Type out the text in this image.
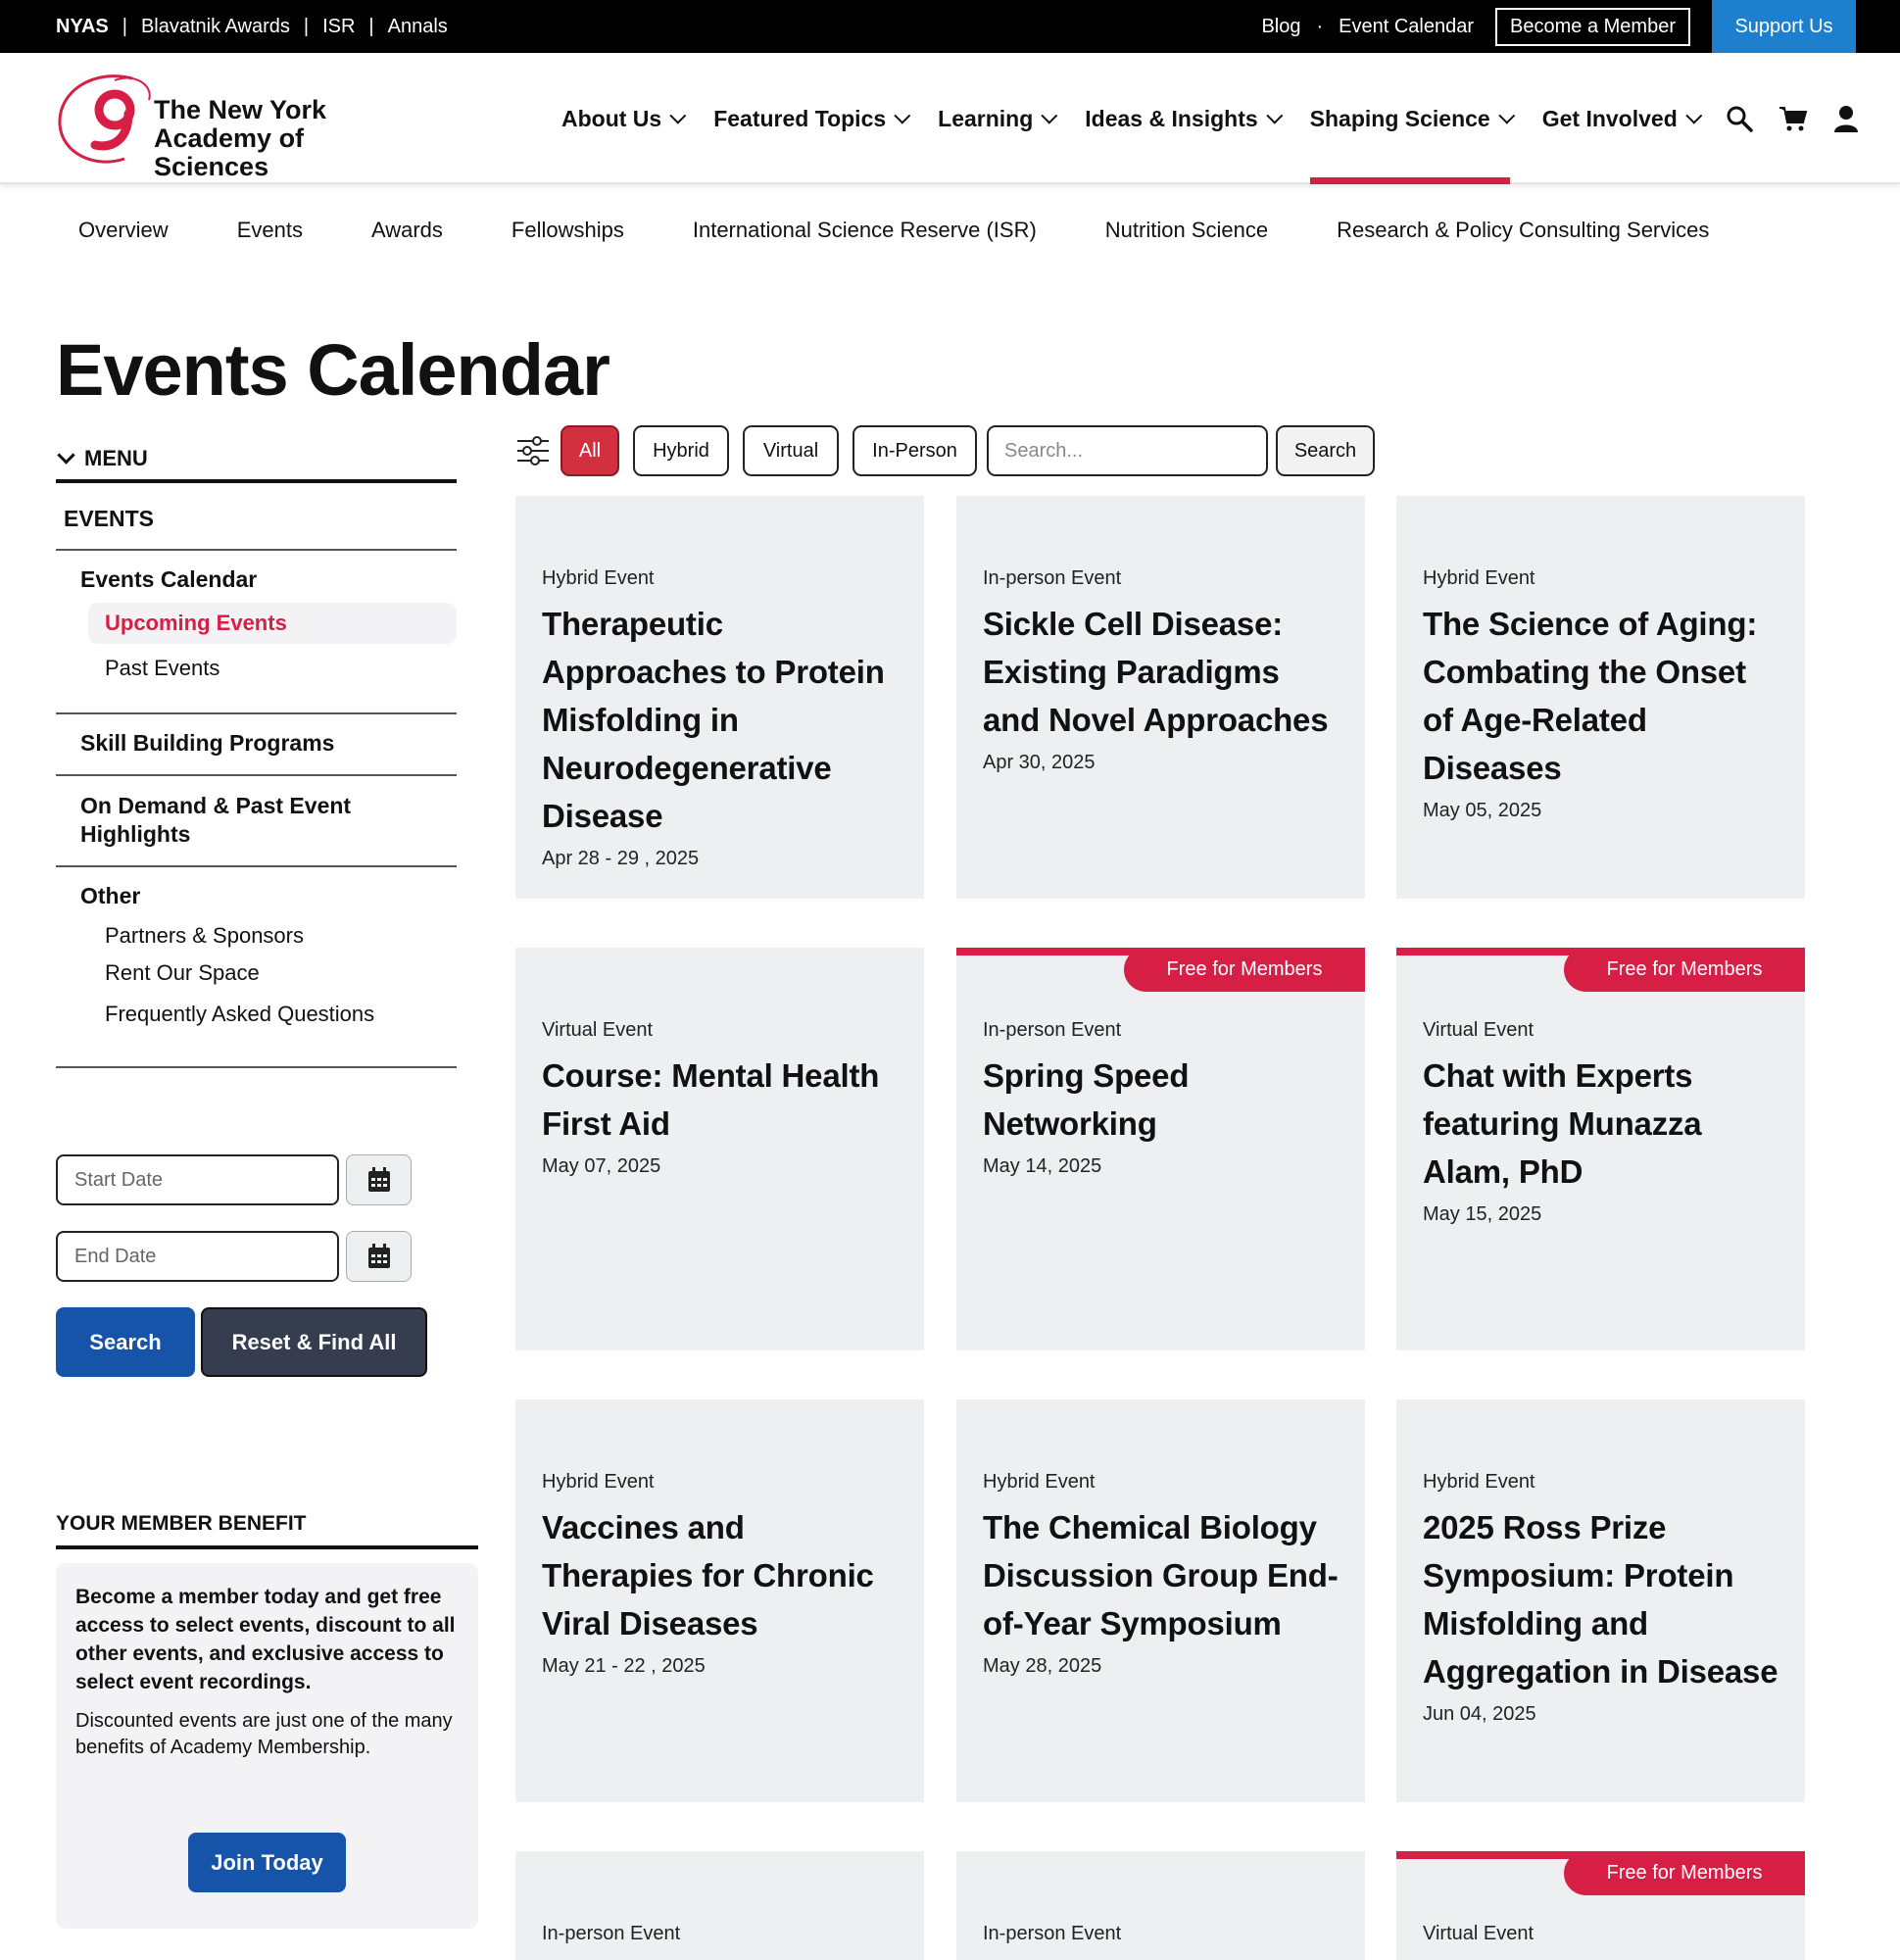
NYAS | Blavatnik Awards | ISR | Annals	Blog · Event Calendar	Become a Member	Support Us
The New York
Academy of Sciences
About Us Featured Topics Learning Ideas & Insights Shaping Science Get Involved
Overview	Events	Awards	Fellowships	International Science Reserve (ISR)	Nutrition Science	Research & Policy Consulting Services
Events Calendar
MENU
EVENTS
Events Calendar
Upcoming Events
Past Events
Skill Building Programs
On Demand & Past Event Highlights
Other
Partners & Sponsors
Rent Our Space
Frequently Asked Questions
Start Date
End Date
Search	Reset & Find All
YOUR MEMBER BENEFIT
Become a member today and get free access to select events, discount to all other events, and exclusive access to select event recordings.
Discounted events are just one of the many benefits of Academy Membership.
Join Today
All	Hybrid	Virtual	In-Person	Search...	Search
Hybrid Event
Therapeutic Approaches to Protein Misfolding in Neurodegenerative Disease
Apr 28 - 29 , 2025
In-person Event
Sickle Cell Disease: Existing Paradigms and Novel Approaches
Apr 30, 2025
Hybrid Event
The Science of Aging: Combating the Onset of Age-Related Diseases
May 05, 2025
Virtual Event
Course: Mental Health First Aid
May 07, 2025
Free for Members
In-person Event
Spring Speed Networking
May 14, 2025
Free for Members
Virtual Event
Chat with Experts featuring Munazza Alam, PhD
May 15, 2025
Hybrid Event
Vaccines and Therapies for Chronic Viral Diseases
May 21 - 22 , 2025
Hybrid Event
The Chemical Biology Discussion Group End-of-Year Symposium
May 28, 2025
Hybrid Event
2025 Ross Prize Symposium: Protein Misfolding and Aggregation in Disease
Jun 04, 2025
In-person Event	In-person Event
Free for Members
Virtual Event
